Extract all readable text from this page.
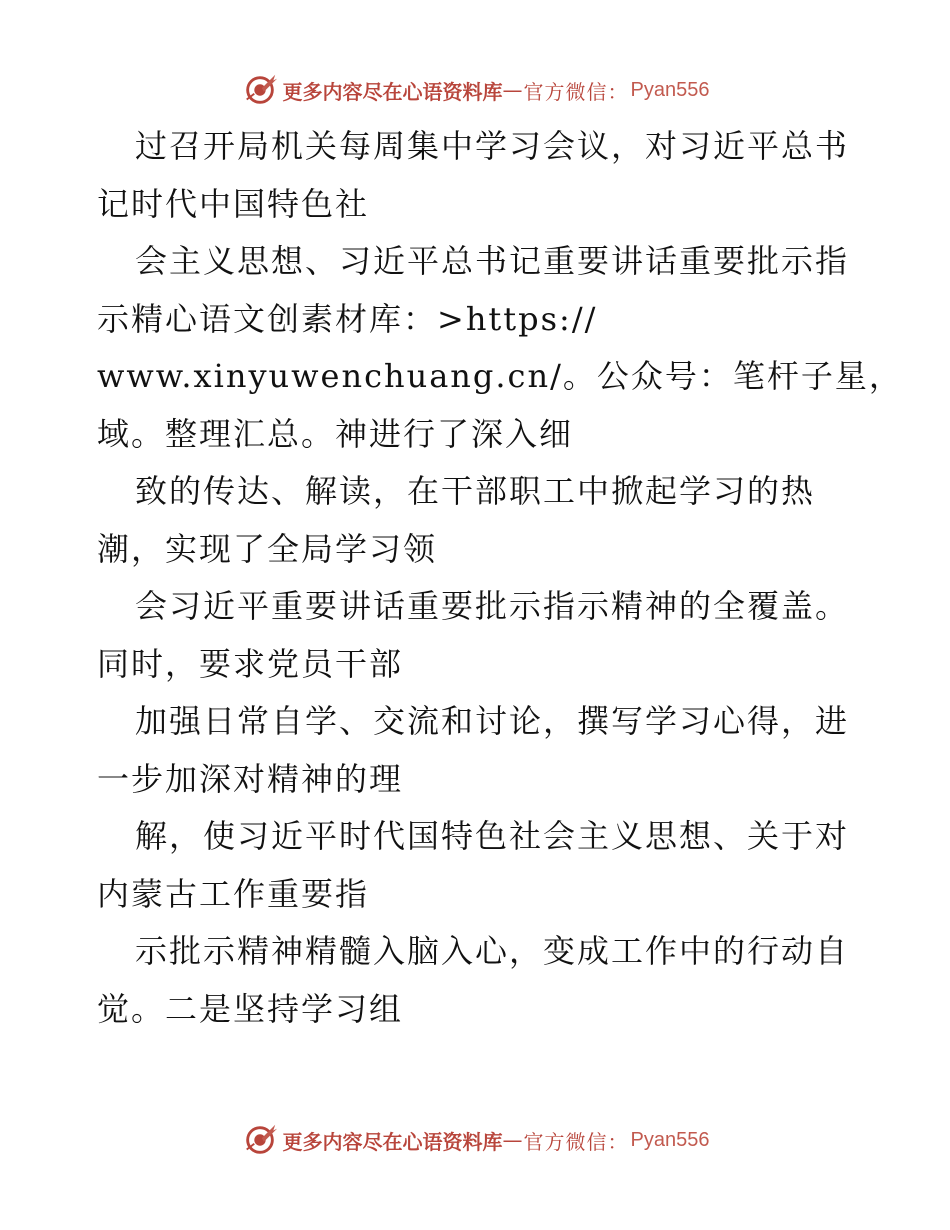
更多内容尽在心语资料库 — 官方微信： Pyan556
过召开局机关每周集中学习会议，对习近平总书
记时代中国特色社
会主义思想、习近平总书记重要讲话重要批示指
示精心语文创素材库：>https://
www.xinyuwenchuang.cn/。公众号：笔杆子星，
域。整理汇总。神进行了深入细
致的传达、解读，在干部职工中掀起学习的热
潮，实现了全局学习领
会习近平重要讲话重要批示指示精神的全覆盖。
同时，要求党员干部
加强日常自学、交流和讨论，撰写学习心得，进
一步加深对精神的理
解，使习近平时代国特色社会主义思想、关于对
内蒙古工作重要指
示批示精神精髓入脑入心，变成工作中的行动自
觉。二是坚持学习组
更多内容尽在心语资料库 — 官方微信： Pyan556
